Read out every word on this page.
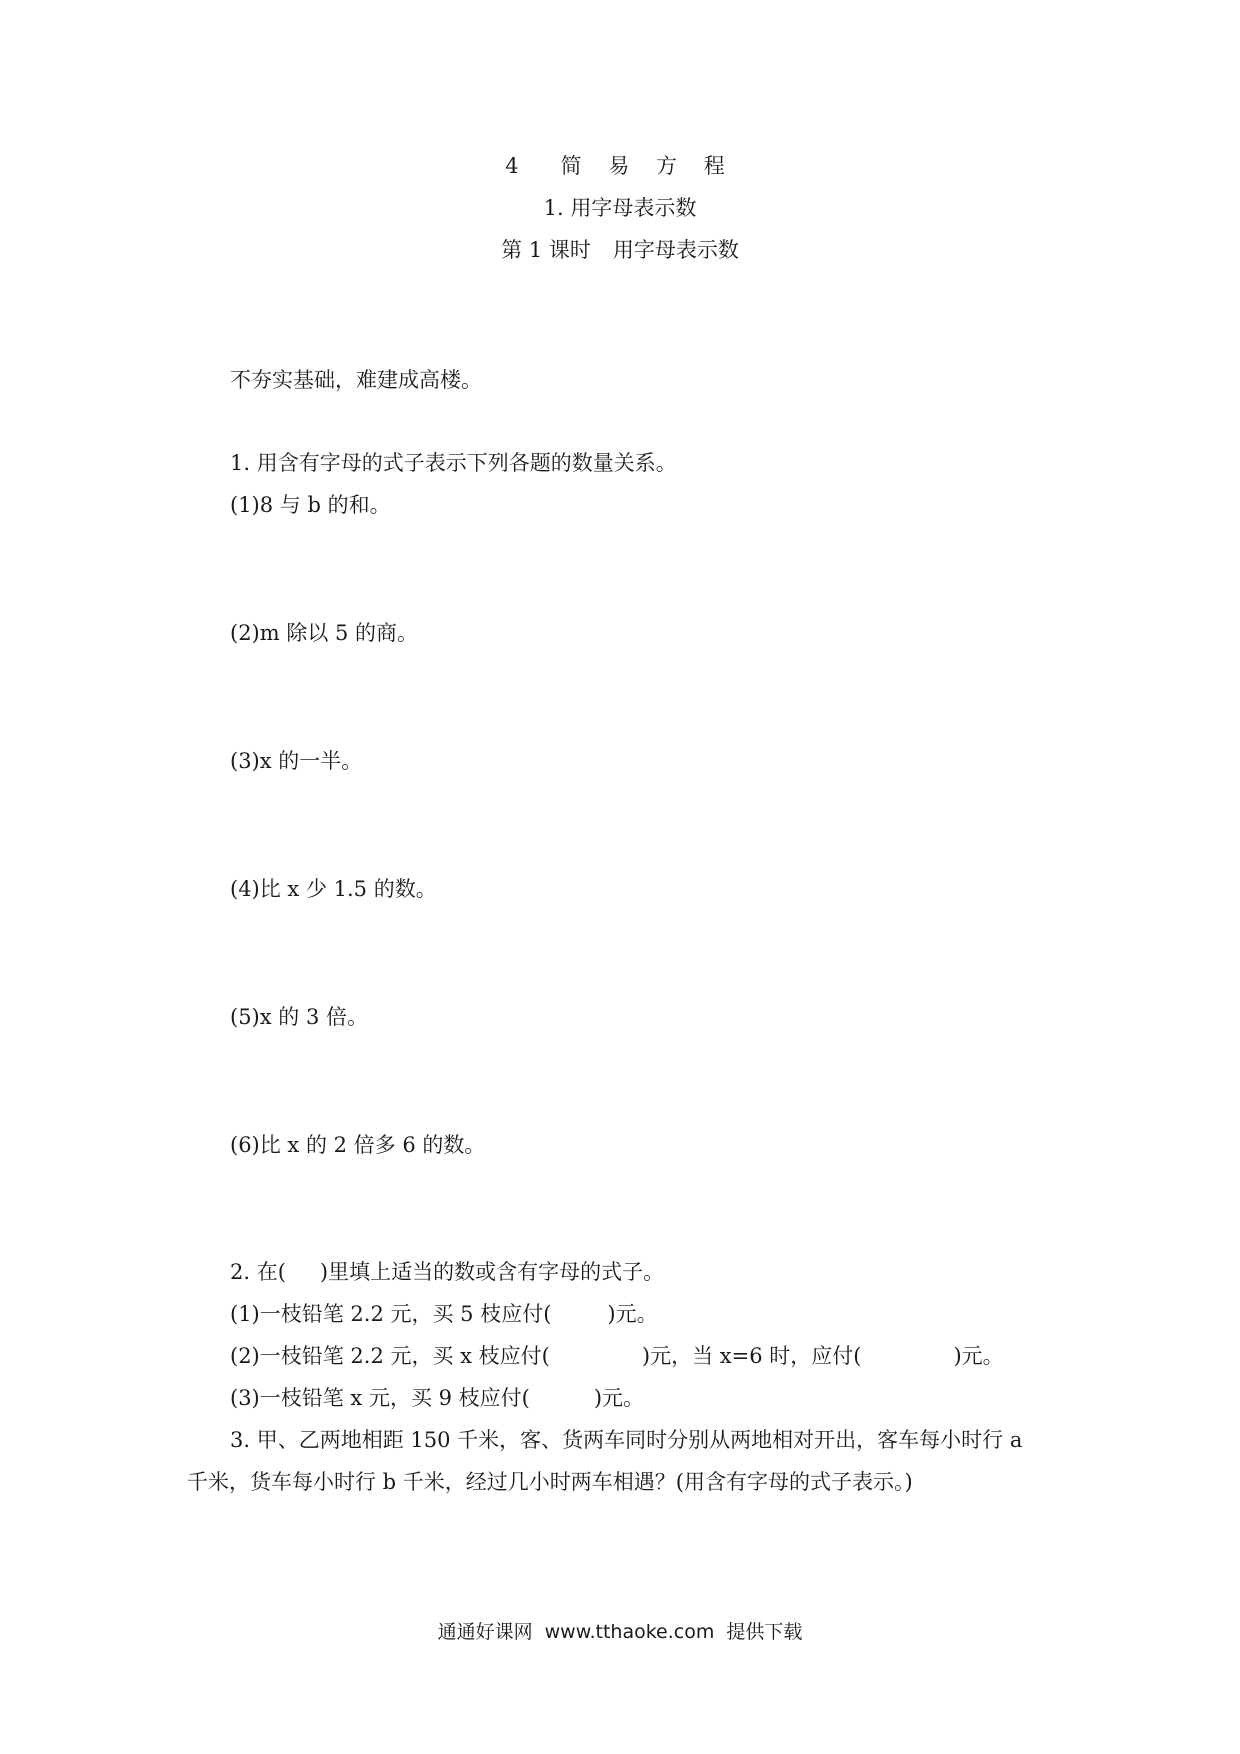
4 简 易 方 程
1. 用字母表示数
第 1 课时 用字母表示数
不夯实基础，难建成高楼。
1. 用含有字母的式子表示下列各题的数量关系。
(1)8 与 b 的和。
(2)m 除以 5 的商。
(3)x 的一半。
(4)比 x 少 1.5 的数。
(5)x 的 3 倍。
(6)比 x 的 2 倍多 6 的数。
2. 在( )里填上适当的数或含有字母的式子。
(1)一枝铅笔 2.2 元，买 5 枝应付(	)元。
(2)一枝铅笔 2.2 元，买 x 枝应付(	)元，当 x=6 时，应付(	)元。
(3)一枝铅笔 x 元，买 9 枝应付(	)元。
3. 甲、乙两地相距 150 千米，客、货两车同时分别从两地相对开出，客车每小时行 a
千米，货车每小时行 b 千米，经过几小时两车相遇？(用含有字母的式子表示。)
通通好课网 www.tthaoke.com 提供下载
